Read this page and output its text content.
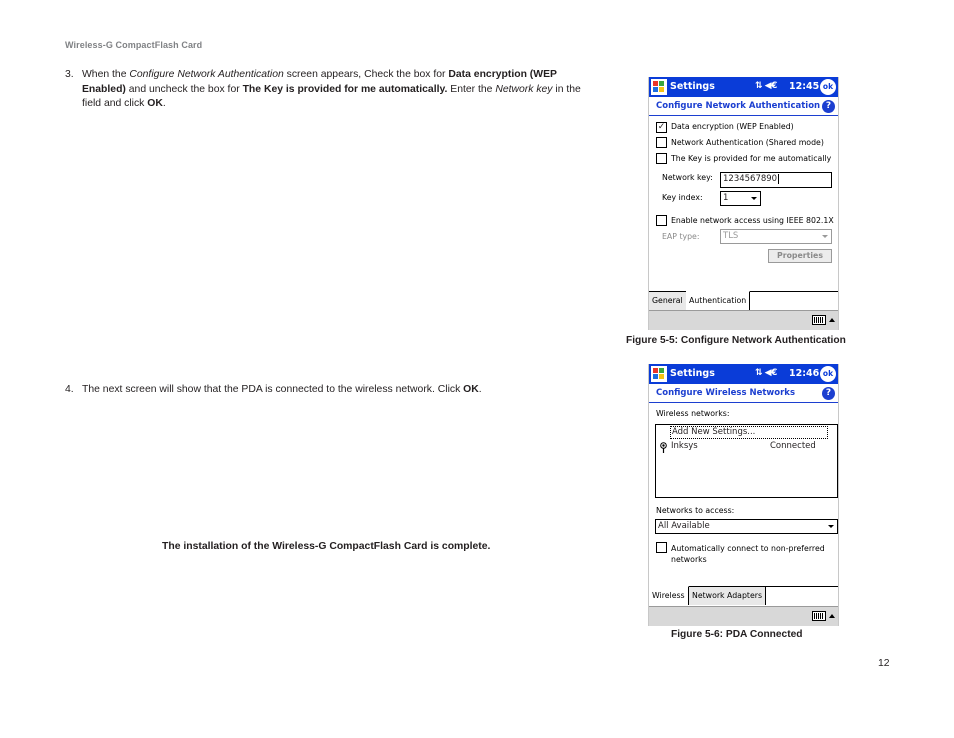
Wireless-G CompactFlash Card
3. When the Configure Network Authentication screen appears, Check the box for Data encryption (WEP Enabled) and uncheck the box for The Key is provided for me automatically. Enter the Network key in the field and click OK.
4. The next screen will show that the PDA is connected to the wireless network. Click OK.
The installation of the Wireless-G CompactFlash Card is complete.
Settings	⇅ ◀€ 12:45 ok
Configure Network Authentication ?
✓ Data encryption (WEP Enabled)
Network Authentication (Shared mode)
The Key is provided for me automatically
Network key:	1234567890
Key index:	1
Enable network access using IEEE 802.1X
EAP type:	TLS
Properties
General Authentication
Figure 5-5: Configure Network Authentication
Settings	⇅ ◀€ 12:46 ok
Configure Wireless Networks	?
Wireless networks:
Add New Settings...
Inksys	Connected
Networks to access:
All Available
Automatically connect to non-preferred networks
Wireless Network Adapters
Figure 5-6: PDA Connected
12
